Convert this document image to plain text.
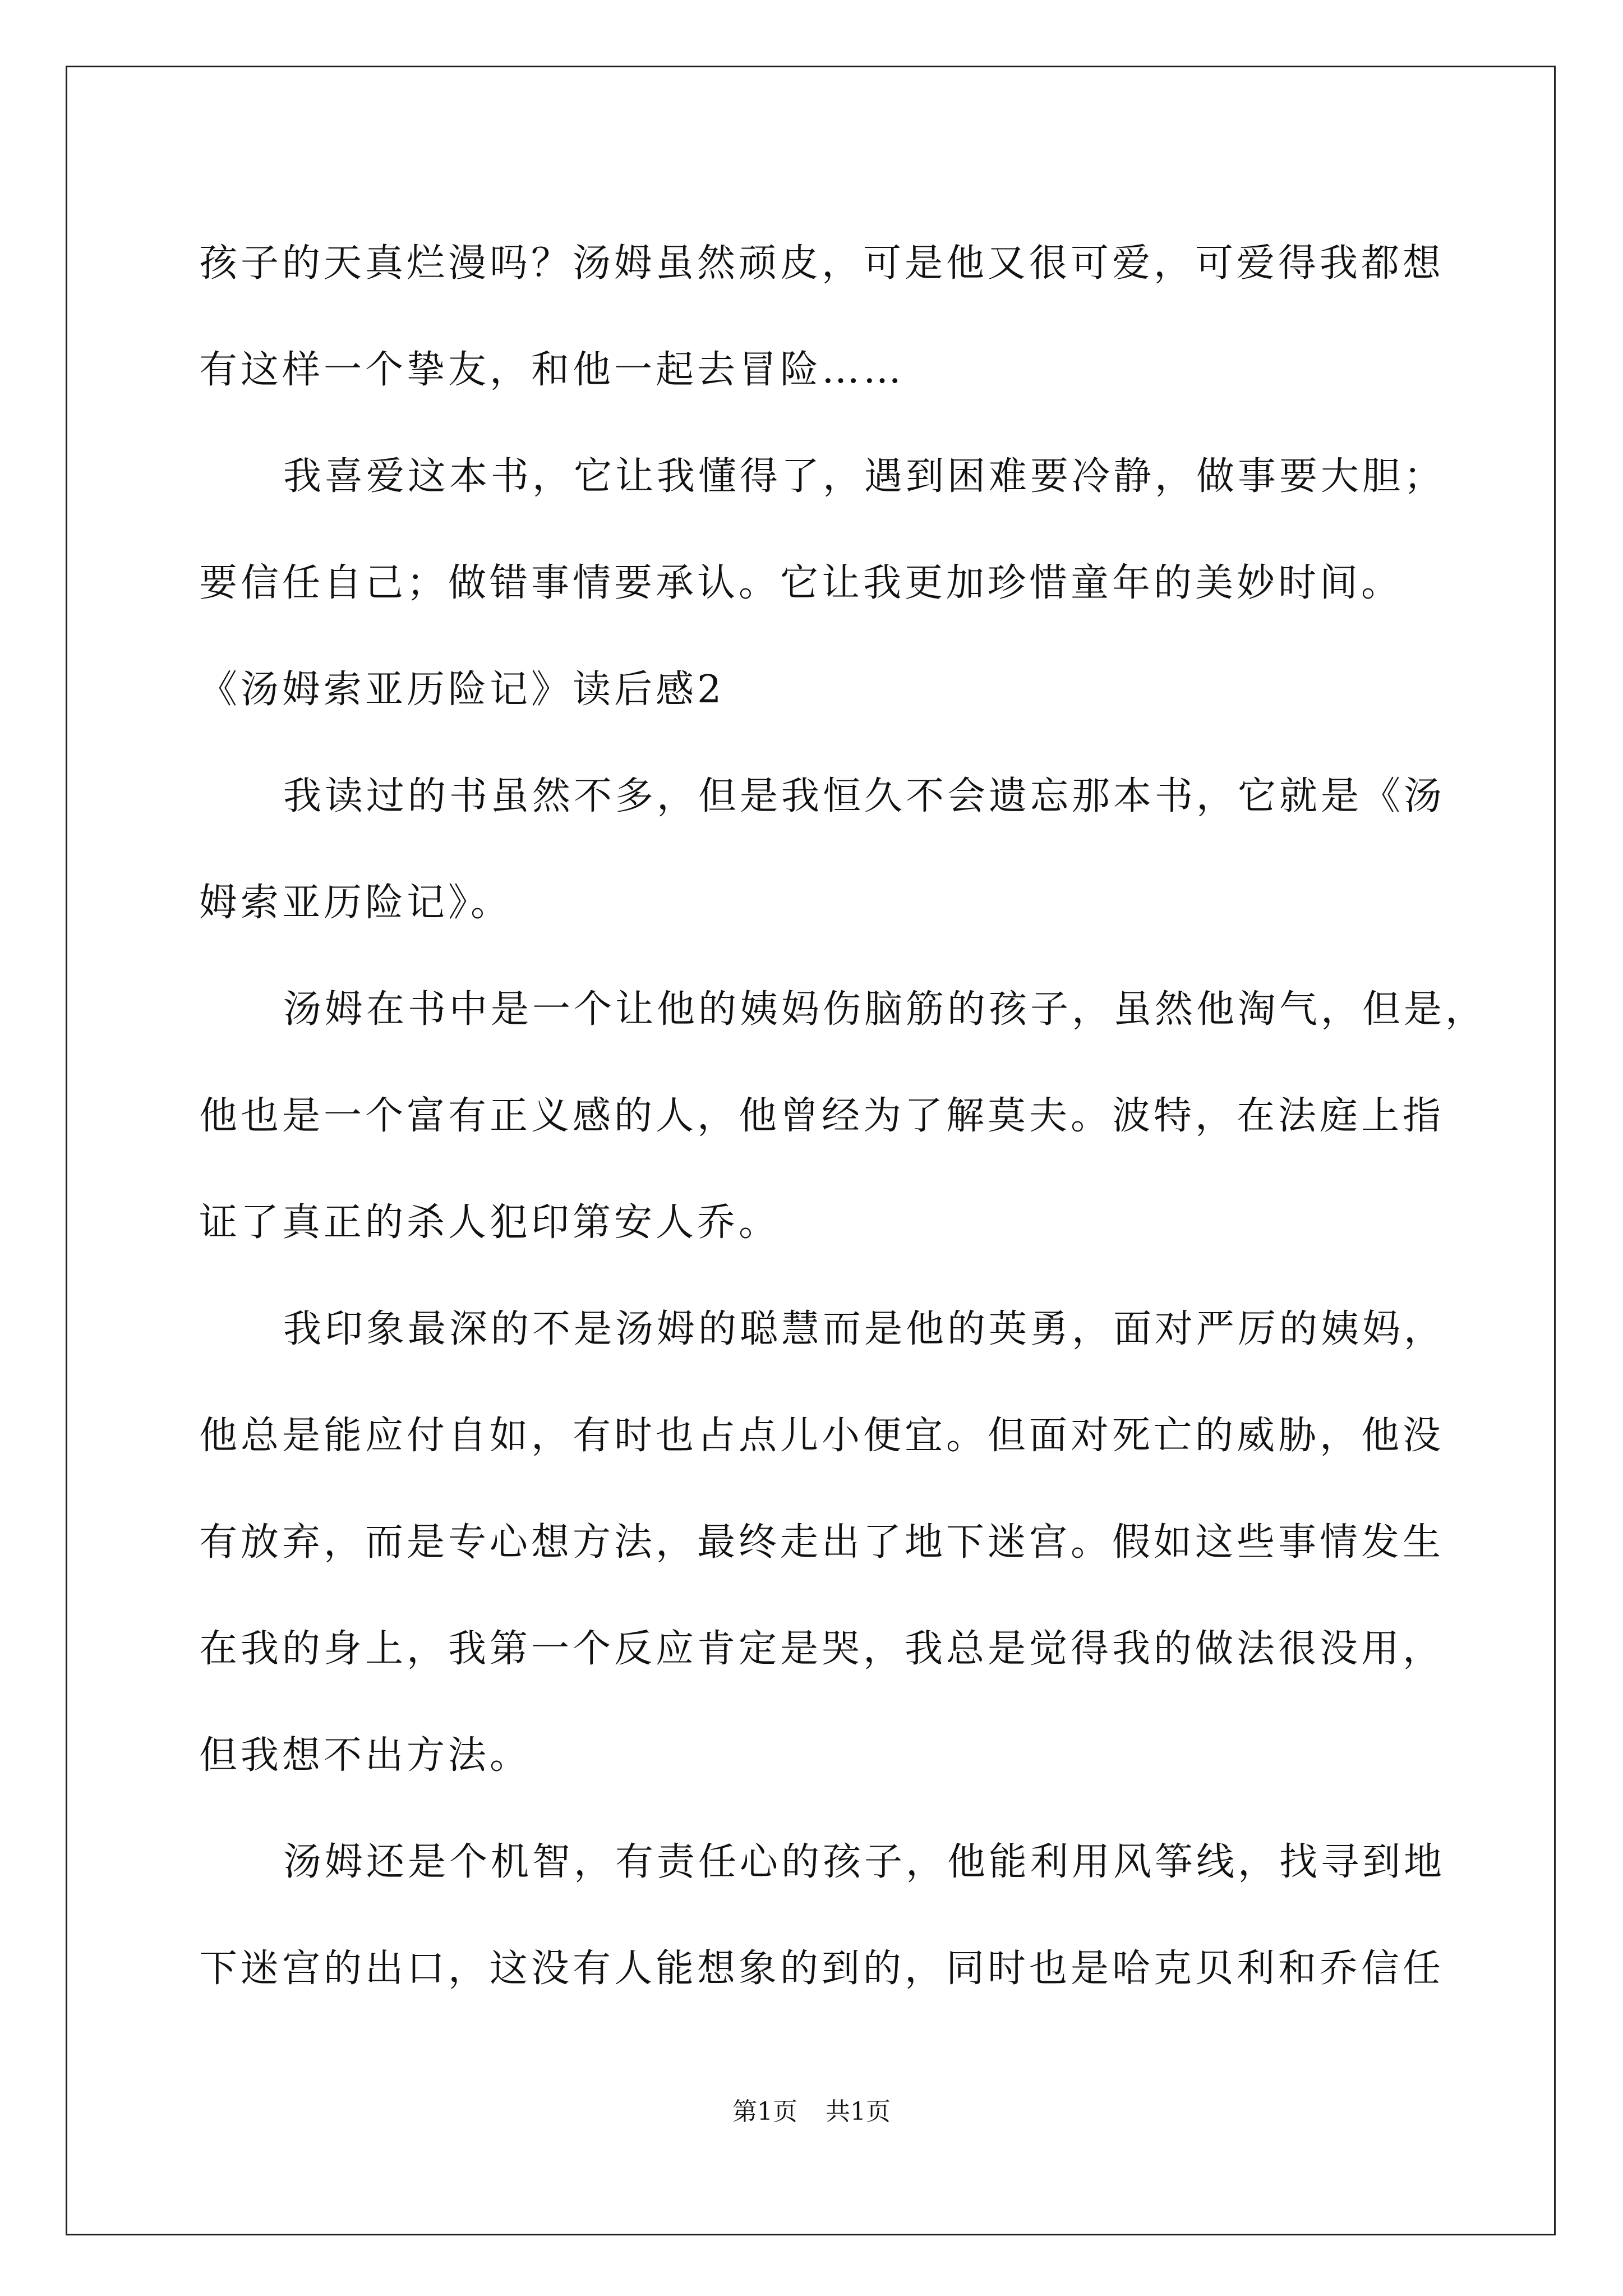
孩子的天真烂漫吗？汤姆虽然顽皮，可是他又很可爱，可爱得我都想
有这样一个挚友，和他一起去冒险……
我喜爱这本书，它让我懂得了，遇到困难要冷静，做事要大胆；
要信任自己；做错事情要承认。它让我更加珍惜童年的美妙时间。
《汤姆索亚历险记》读后感2
我读过的书虽然不多，但是我恒久不会遗忘那本书，它就是《汤
姆索亚历险记》。
汤姆在书中是一个让他的姨妈伤脑筋的孩子，虽然他淘气，但是，
他也是一个富有正义感的人，他曾经为了解莫夫。波特，在法庭上指
证了真正的杀人犯印第安人乔。
我印象最深的不是汤姆的聪慧而是他的英勇，面对严厉的姨妈，
他总是能应付自如，有时也占点儿小便宜。但面对死亡的威胁，他没
有放弃，而是专心想方法，最终走出了地下迷宫。假如这些事情发生
在我的身上，我第一个反应肯定是哭，我总是觉得我的做法很没用，
但我想不出方法。
汤姆还是个机智，有责任心的孩子，他能利用风筝线，找寻到地
下迷宫的出口，这没有人能想象的到的，同时也是哈克贝利和乔信任
第1页 共1页
